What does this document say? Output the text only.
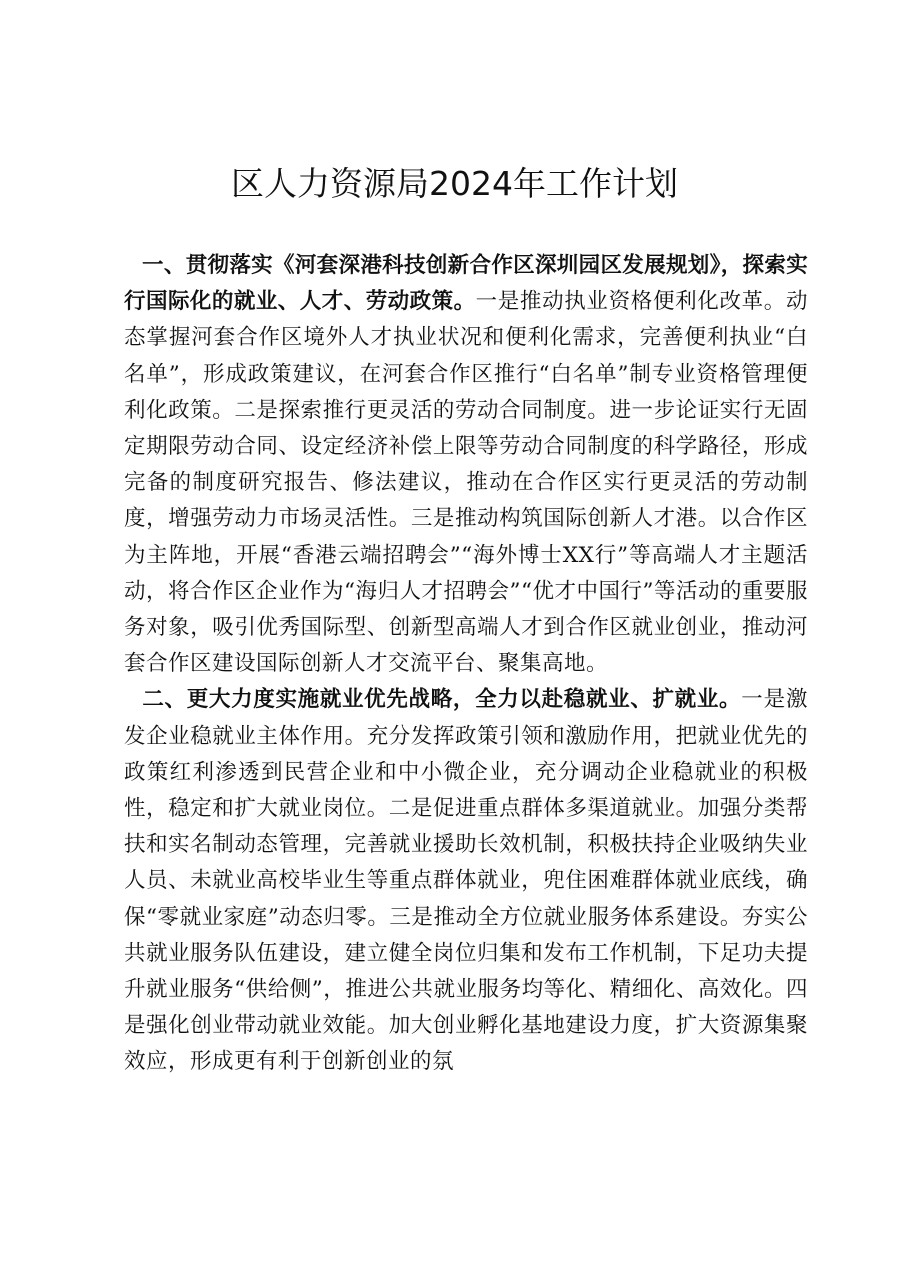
区人力资源局2024年工作计划

一、贯彻落实《河套深港科技创新合作区深圳园区发展规划》，探索实行国际化的就业、人才、劳动政策。一是推动执业资格便利化改革。动态掌握河套合作区境外人才执业状况和便利化需求，完善便利执业“白名单”，形成政策建议，在河套合作区推行“白名单”制专业资格管理便利化政策。二是探索推行更灵活的劳动合同制度。进一步论证实行无固定期限劳动合同、设定经济补偿上限等劳动合同制度的科学路径，形成完备的制度研究报告、修法建议，推动在合作区实行更灵活的劳动制度，增强劳动力市场灵活性。三是推动构筑国际创新人才港。以合作区为主阵地，开展“香港云端招聘会”“海外博士XX行”等高端人才主题活动，将合作区企业作为“海归人才招聘会”“优才中国行”等活动的重要服务对象，吸引优秀国际型、创新型高端人才到合作区就业创业，推动河套合作区建设国际创新人才交流平台、聚集高地。

二、更大力度实施就业优先战略，全力以赴稳就业、扩就业。一是激发企业稳就业主体作用。充分发挥政策引领和激励作用，把就业优先的政策红利渗透到民营企业和中小微企业，充分调动企业稳就业的积极性，稳定和扩大就业岗位。二是促进重点群体多渠道就业。加强分类帮扶和实名制动态管理，完善就业援助长效机制，积极扶持企业吸纳失业人员、未就业高校毕业生等重点群体就业，兜住困难群体就业底线，确保“零就业家庭”动态归零。三是推动全方位就业服务体系建设。夯实公共就业服务队伍建设，建立健全岗位归集和发布工作机制，下足功夫提升就业服务“供给侧”，推进公共就业服务均等化、精细化、高效化。四是强化创业带动就业效能。加大创业孵化基地建设力度，扩大资源集聚效应，形成更有利于创新创业的氛
